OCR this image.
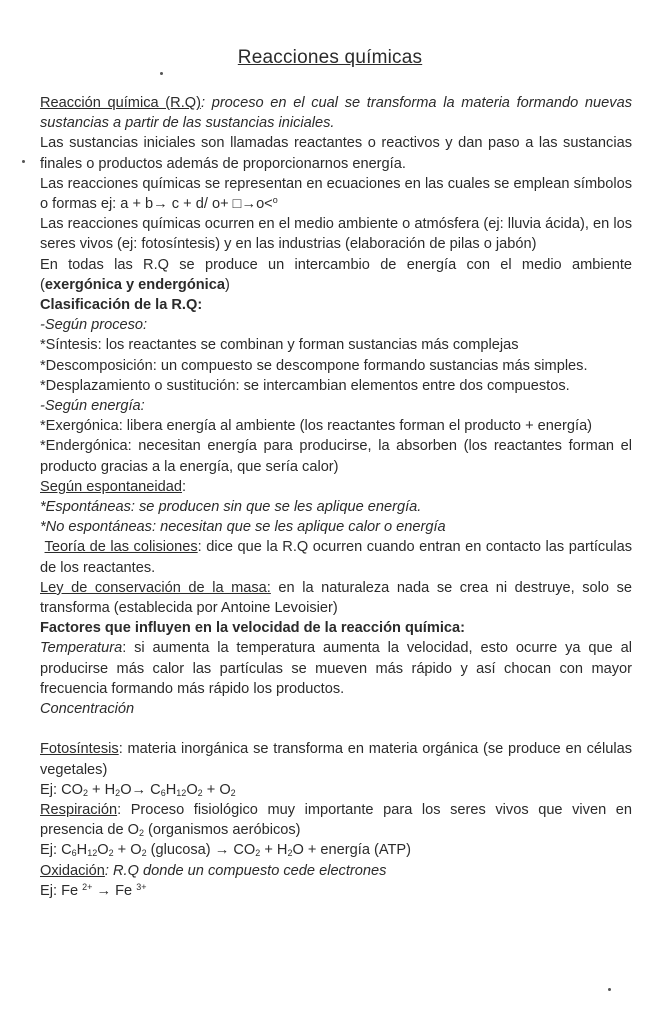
Reacciones químicas

Reacción química (R.Q): proceso en el cual se transforma la materia formando nuevas sustancias a partir de las sustancias iniciales.

Las sustancias iniciales son llamadas reactantes o reactivos y dan paso a las sustancias finales o productos además de proporcionarnos energía.

Las reacciones químicas se representan en ecuaciones en las cuales se emplean símbolos o formas ej: a + b→ c + d/ o+ □→o<$^o$

Las reacciones químicas ocurren en el medio ambiente o atmósfera (ej: lluvia ácida), en los seres vivos (ej: fotosíntesis) y en las industrias (elaboración de pilas o jabón)

En todas las R.Q se produce un intercambio de energía con el medio ambiente (exergónica y endergónica)

Clasificación de la R.Q:

-Según proceso:

*Síntesis: los reactantes se combinan y forman sustancias más complejas

*Descomposición: un compuesto se descompone formando sustancias más simples.

*Desplazamiento o sustitución: se intercambian elementos entre dos compuestos.

-Según energía:

*Exergónica: libera energía al ambiente (los reactantes forman el producto + energía)

*Endergónica: necesitan energía para producirse, la absorben (los reactantes forman el producto gracias a la energía, que sería calor)

Según espontaneidad:

*Espontáneas: se producen sin que se les aplique energía.

*No espontáneas: necesitan que se les aplique calor o energía

Teoría de las colisiones: dice que la R.Q ocurren cuando entran en contacto las partículas de los reactantes.

Ley de conservación de la masa: en la naturaleza nada se crea ni destruye, solo se transforma (establecida por Antoine Levoisier)

Factores que influyen en la velocidad de la reacción química:

Temperatura: si aumenta la temperatura aumenta la velocidad, esto ocurre ya que al producirse más calor las partículas se mueven más rápido y así chocan con mayor frecuencia formando más rápido los productos.

Concentración

Fotosíntesis: materia inorgánica se transforma en materia orgánica (se produce en células vegetales)

Ej: $CO_2 + H_2O\to C_6H_{12}O_2 + O_2$

Respiración: Proceso fisiológico muy importante para los seres vivos que viven en presencia de $O_2$ (organismos aeróbicos)

Ej: $C_6H_{12}O_2 + O_2$ $(glucosa) \to CO_2 + H_2O$ + energía (ATP)

Oxidación: R.Q donde un compuesto cede electrones

Ej: Fe $^{2+}$ → Fe $^{3+}$
